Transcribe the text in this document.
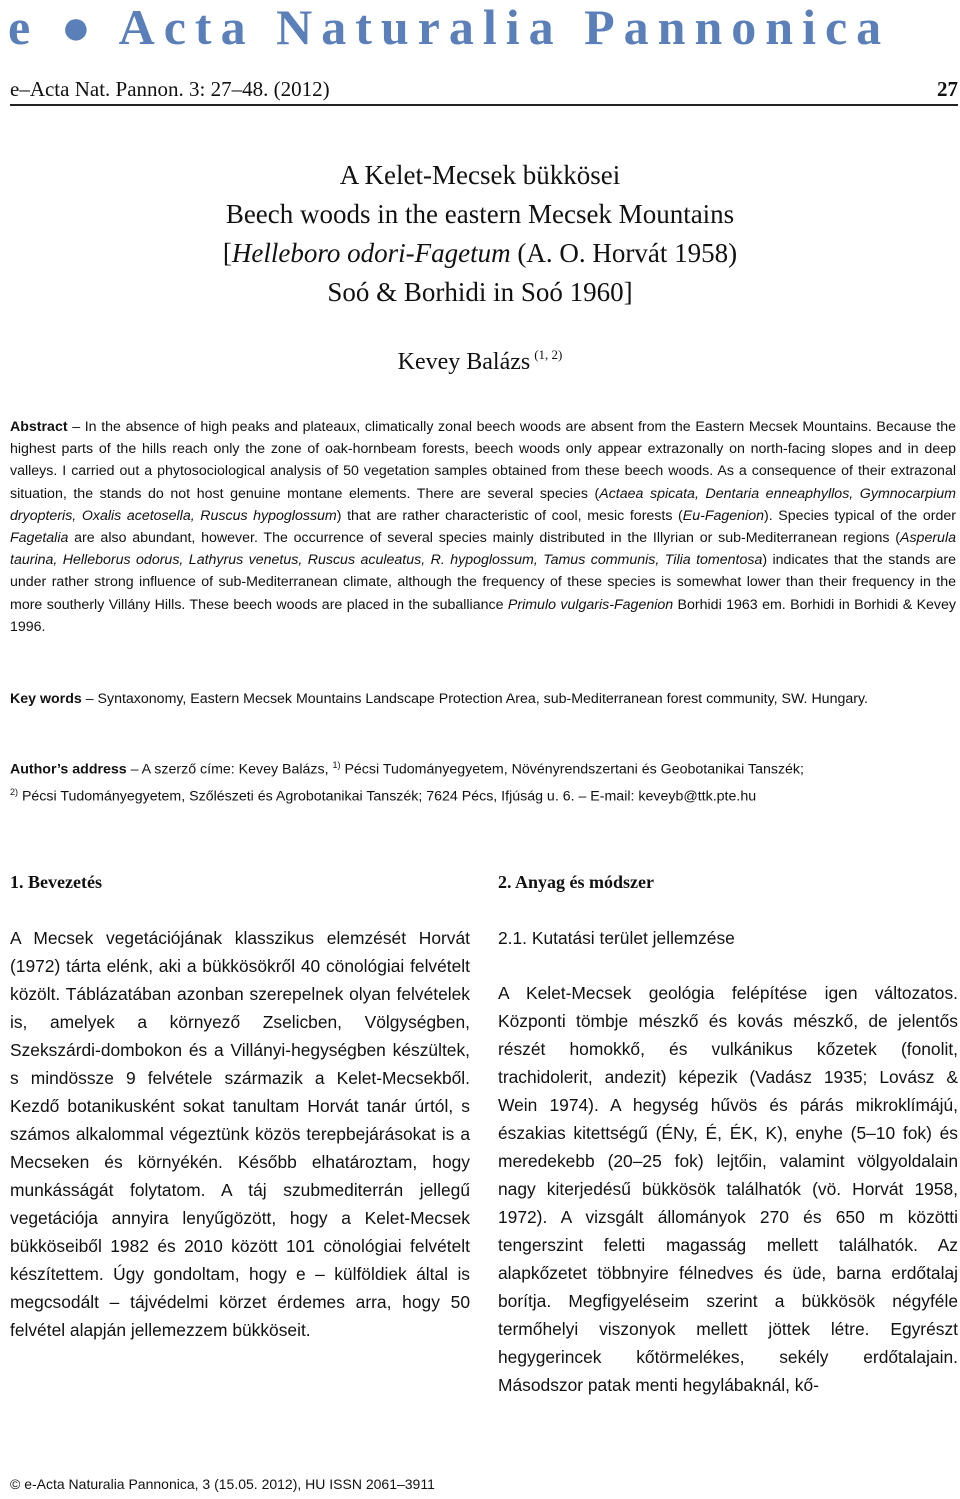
e ● Acta Naturalia Pannonica
e–Acta Nat. Pannon. 3: 27–48. (2012)	27
A Kelet-Mecsek bükkösei
Beech woods in the eastern Mecsek Mountains
[Helleboro odori-Fagetum (A. O. Horvát 1958)
Soó & Borhidi in Soó 1960]
Kevey Balázs $^{(1, 2)}$
Abstract – In the absence of high peaks and plateaux, climatically zonal beech woods are absent from the Eastern Mecsek Mountains. Because the highest parts of the hills reach only the zone of oak-hornbeam forests, beech woods only appear extrazonally on north-facing slopes and in deep valleys. I carried out a phytosociological analysis of 50 vegetation samples obtained from these beech woods. As a consequence of their extrazonal situation, the stands do not host genuine montane elements. There are several species (Actaea spicata, Dentaria enneaphyllos, Gymnocarpium dryopteris, Oxalis acetosella, Ruscus hypoglossum) that are rather characteristic of cool, mesic forests (Eu-Fagenion). Species typical of the order Fagetalia are also abundant, however. The occurrence of several species mainly distributed in the Illyrian or sub-Mediterranean regions (Asperula taurina, Helleborus odorus, Lathyrus venetus, Ruscus aculeatus, R. hypoglossum, Tamus communis, Tilia tomentosa) indicates that the stands are under rather strong influence of sub-Mediterranean climate, although the frequency of these species is somewhat lower than their frequency in the more southerly Villány Hills. These beech woods are placed in the suballiance Primulo vulgaris-Fagenion Borhidi 1963 em. Borhidi in Borhidi & Kevey 1996.
Key words – Syntaxonomy, Eastern Mecsek Mountains Landscape Protection Area, sub-Mediterranean forest community, SW. Hungary.
Author’s address – A szerző címe: Kevey Balázs, $^{1)}$ Pécsi Tudományegyetem, Növényrendszertani és Geobotanikai Tanszék;
$^{2)}$ Pécsi Tudományegyetem, Szőlészeti és Agrobotanikai Tanszék; 7624 Pécs, Ifjúság u. 6. – E-mail: keveyb@ttk.pte.hu
1. Bevezetés

A Mecsek vegetációjának klasszikus elemzését Horvát (1972) tárta elénk, aki a bükkösökről 40 cönológiai felvételt közölt. Táblázatában azonban szerepelnek olyan felvételek is, amelyek a környező Zselicben, Völgységben, Szekszárdi-dombokon és a Villányi-hegységben készültek, s mindössze 9 felvétele származik a Kelet-Mecsekből. Kezdő botanikusként sokat tanultam Horvát tanár úrtól, s számos alkalommal végeztünk közös terepbejárásokat is a Mecseken és környékén. Később elhatároztam, hogy munkásságát folytatom. A táj szubmediterrán jellegű vegetációja annyira lenyűgözött, hogy a Kelet-Mecsek bükköseiből 1982 és 2010 között 101 cönológiai felvételt készítettem. Úgy gondoltam, hogy e – külföldiek által is megcsodált – tájvédelmi körzet érdemes arra, hogy 50 felvétel alapján jellemezzem bükköseit.

2. Anyag és módszer
2.1. Kutatási terület jellemzése

A Kelet-Mecsek geológia felépítése igen változatos. Központi tömbje mészkő és kovás mészkő, de jelentős részét homokkő, és vulkánikus kőzetek (fonolit, trachidolerit, andezit) képezik (Vadász 1935; Lovász & Wein 1974). A hegység hűvös és párás mikroklímájú, északias kitettségű (ÉNy, É, ÉK, K), enyhe (5–10 fok) és meredekebb (20–25 fok) lejtőin, valamint völgyoldalain nagy kiterjedésű bükkösök találhatók (vö. Horvát 1958, 1972). A vizsgált állományok 270 és 650 m közötti tengerszint feletti magasság mellett találhatók. Az alapkőzetet többnyire félnedves és üde, barna erdőtalaj borítja. Megfigyeléseim szerint a bükkösök négyféle termőhelyi viszonyok mellett jöttek létre. Egyrészt hegygerincek kőtörmelékes, sekély erdőtalajain. Másodszor patak menti hegylábaknál, kő-

© e-Acta Naturalia Pannonica, 3 (15.05. 2012), HU ISSN 2061–3911
